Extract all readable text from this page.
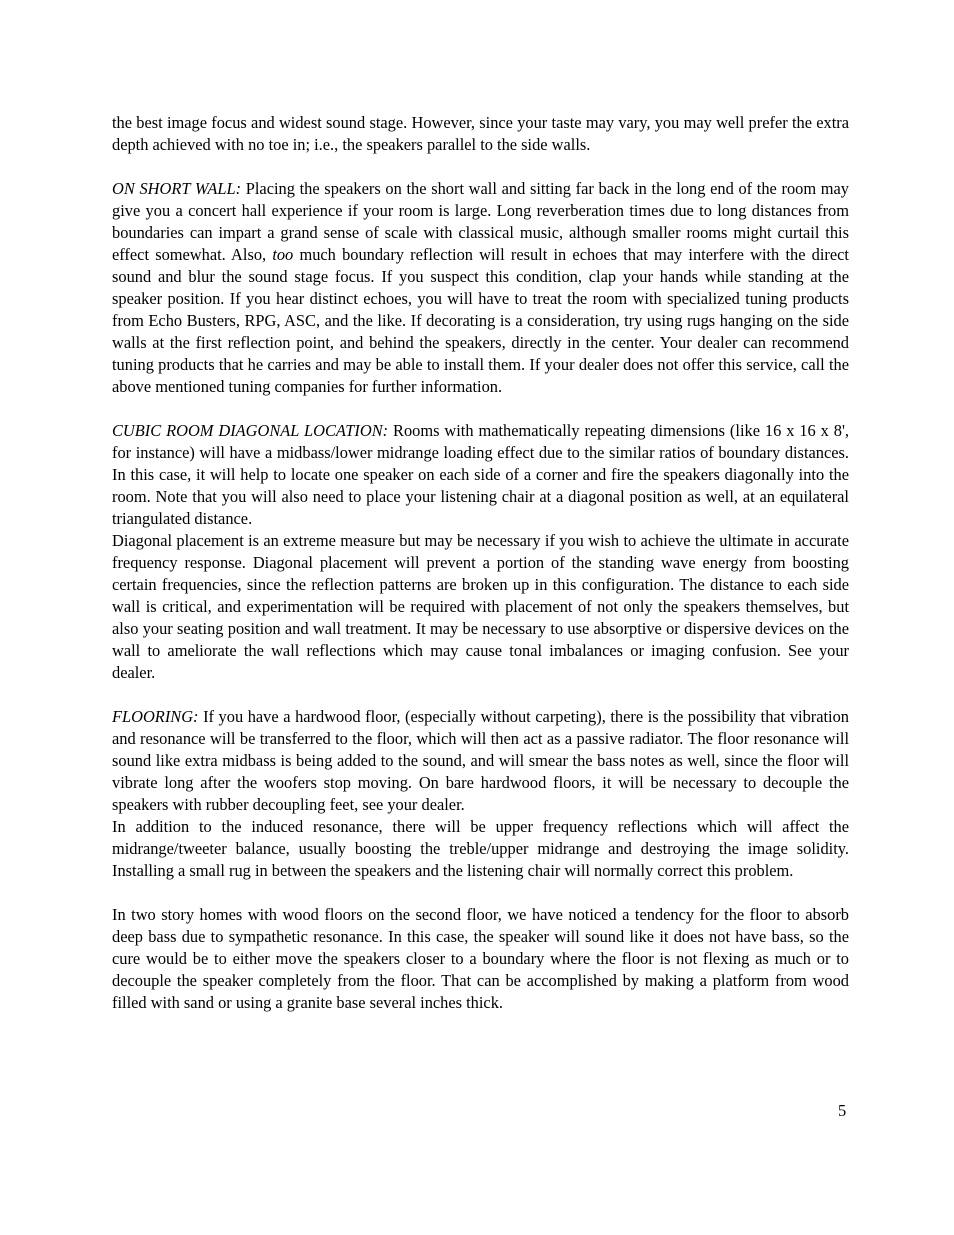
the best image focus and widest sound stage. However, since your taste may vary, you may well prefer the extra depth achieved with no toe in; i.e., the speakers parallel to the side walls.

ON SHORT WALL: Placing the speakers on the short wall and sitting far back in the long end of the room may give you a concert hall experience if your room is large. Long reverberation times due to long distances from boundaries can impart a grand sense of scale with classical music, although smaller rooms might curtail this effect somewhat. Also, too much boundary reflection will result in echoes that may interfere with the direct sound and blur the sound stage focus. If you suspect this condition, clap your hands while standing at the speaker position. If you hear distinct echoes, you will have to treat the room with specialized tuning products from Echo Busters, RPG, ASC, and the like. If decorating is a consideration, try using rugs hanging on the side walls at the first reflection point, and behind the speakers, directly in the center. Your dealer can recommend tuning products that he carries and may be able to install them. If your dealer does not offer this service, call the above mentioned tuning companies for further information.

CUBIC ROOM DIAGONAL LOCATION: Rooms with mathematically repeating dimensions (like 16 x 16 x 8', for instance) will have a midbass/lower midrange loading effect due to the similar ratios of boundary distances. In this case, it will help to locate one speaker on each side of a corner and fire the speakers diagonally into the room. Note that you will also need to place your listening chair at a diagonal position as well, at an equilateral triangulated distance.

Diagonal placement is an extreme measure but may be necessary if you wish to achieve the ultimate in accurate frequency response. Diagonal placement will prevent a portion of the standing wave energy from boosting certain frequencies, since the reflection patterns are broken up in this configuration. The distance to each side wall is critical, and experimentation will be required with placement of not only the speakers themselves, but also your seating position and wall treatment. It may be necessary to use absorptive or dispersive devices on the wall to ameliorate the wall reflections which may cause tonal imbalances or imaging confusion. See your dealer.

FLOORING: If you have a hardwood floor, (especially without carpeting), there is the possibility that vibration and resonance will be transferred to the floor, which will then act as a passive radiator. The floor resonance will sound like extra midbass is being added to the sound, and will smear the bass notes as well, since the floor will vibrate long after the woofers stop moving. On bare hardwood floors, it will be necessary to decouple the speakers with rubber decoupling feet, see your dealer.

In addition to the induced resonance, there will be upper frequency reflections which will affect the midrange/tweeter balance, usually boosting the treble/upper midrange and destroying the image solidity. Installing a small rug in between the speakers and the listening chair will normally correct this problem.

In two story homes with wood floors on the second floor, we have noticed a tendency for the floor to absorb deep bass due to sympathetic resonance. In this case, the speaker will sound like it does not have bass, so the cure would be to either move the speakers closer to a boundary where the floor is not flexing as much or to decouple the speaker completely from the floor. That can be accomplished by making a platform from wood filled with sand or using a granite base several inches thick.

5
